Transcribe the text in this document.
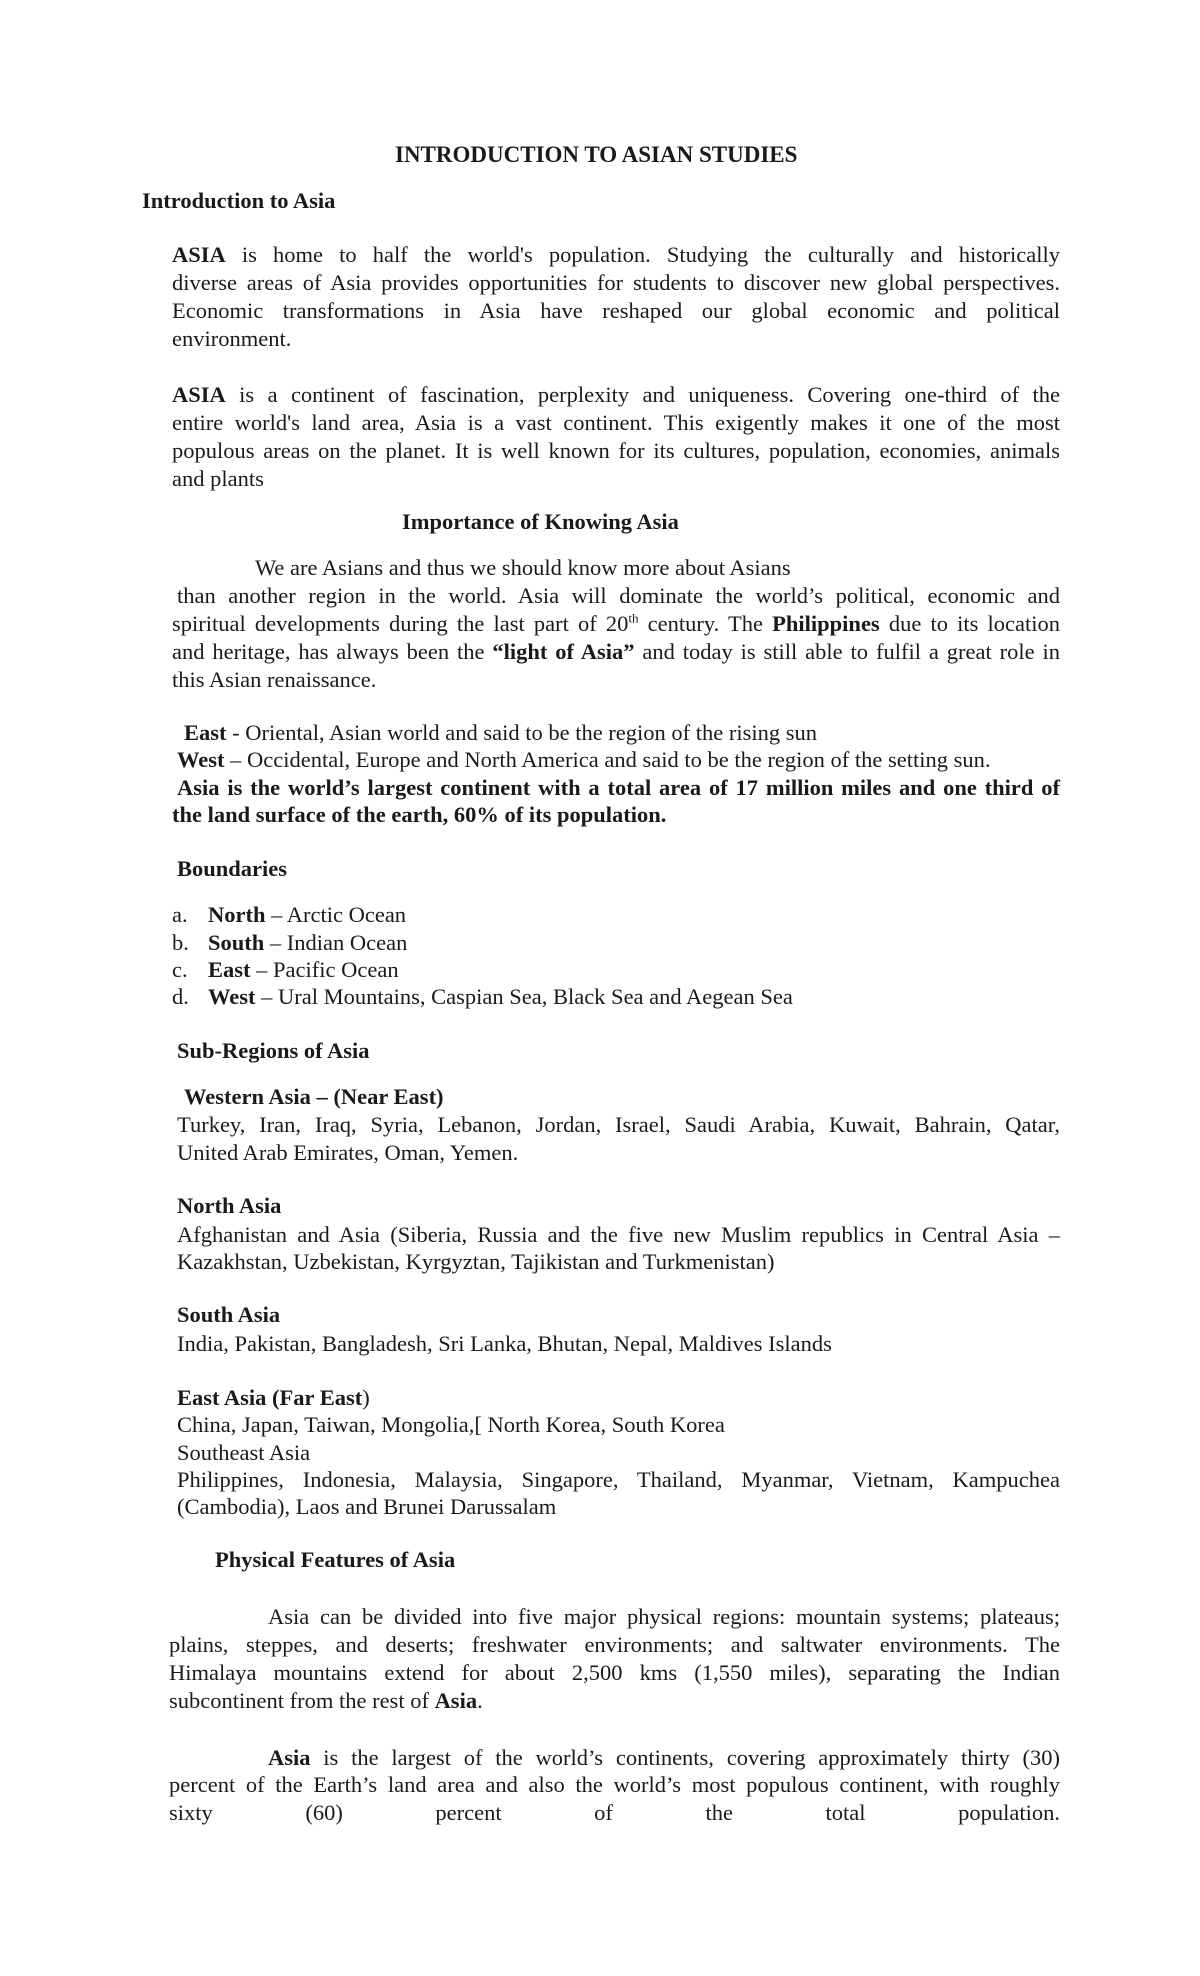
INTRODUCTION TO ASIAN STUDIES
Introduction to Asia
ASIA is home to half the world's population. Studying the culturally and historically
diverse areas of Asia provides opportunities for students to discover new global perspectives.
Economic transformations in Asia have reshaped our global economic and political
environment.
ASIA is a continent of fascination, perplexity and uniqueness. Covering one-third of the
entire world's land area, Asia is a vast continent. This exigently makes it one of the most
populous areas on the planet. It is well known for its cultures, population, economies, animals
and plants
Importance of Knowing Asia
We are Asians and thus we should know more about Asians
than another region in the world. Asia will dominate the world’s political, economic and
spiritual developments during the last part of 20th century. The Philippines due to its location
and heritage, has always been the “light of Asia” and today is still able to fulfil a great role in
this Asian renaissance.
East - Oriental, Asian world and said to be the region of the rising sun
West – Occidental, Europe and North America and said to be the region of the setting sun.
Asia is the world’s largest continent with a total area of 17 million miles and one third of
the land surface of the earth, 60% of its population.
Boundaries
a. North – Arctic Ocean
b. South – Indian Ocean
c. East – Pacific Ocean
d. West – Ural Mountains, Caspian Sea, Black Sea and Aegean Sea
Sub-Regions of Asia
Western Asia – (Near East)
Turkey, Iran, Iraq, Syria, Lebanon, Jordan, Israel, Saudi Arabia, Kuwait, Bahrain, Qatar,
United Arab Emirates, Oman, Yemen.
North Asia
Afghanistan and Asia (Siberia, Russia and the five new Muslim republics in Central Asia –
Kazakhstan, Uzbekistan, Kyrgyztan, Tajikistan and Turkmenistan)
South Asia
India, Pakistan, Bangladesh, Sri Lanka, Bhutan, Nepal, Maldives Islands
East Asia (Far East)
China, Japan, Taiwan, Mongolia,[ North Korea, South Korea
Southeast Asia
Philippines, Indonesia, Malaysia, Singapore, Thailand, Myanmar, Vietnam, Kampuchea
(Cambodia), Laos and Brunei Darussalam
Physical Features of Asia
Asia can be divided into five major physical regions: mountain systems; plateaus;
plains, steppes, and deserts; freshwater environments; and saltwater environments. The
Himalaya mountains extend for about 2,500 kms (1,550 miles), separating the Indian
subcontinent from the rest of Asia.
Asia is the largest of the world’s continents, covering approximately thirty (30)
percent of the Earth’s land area and also the world’s most populous continent, with roughly
sixty (60) percent of the total population.
